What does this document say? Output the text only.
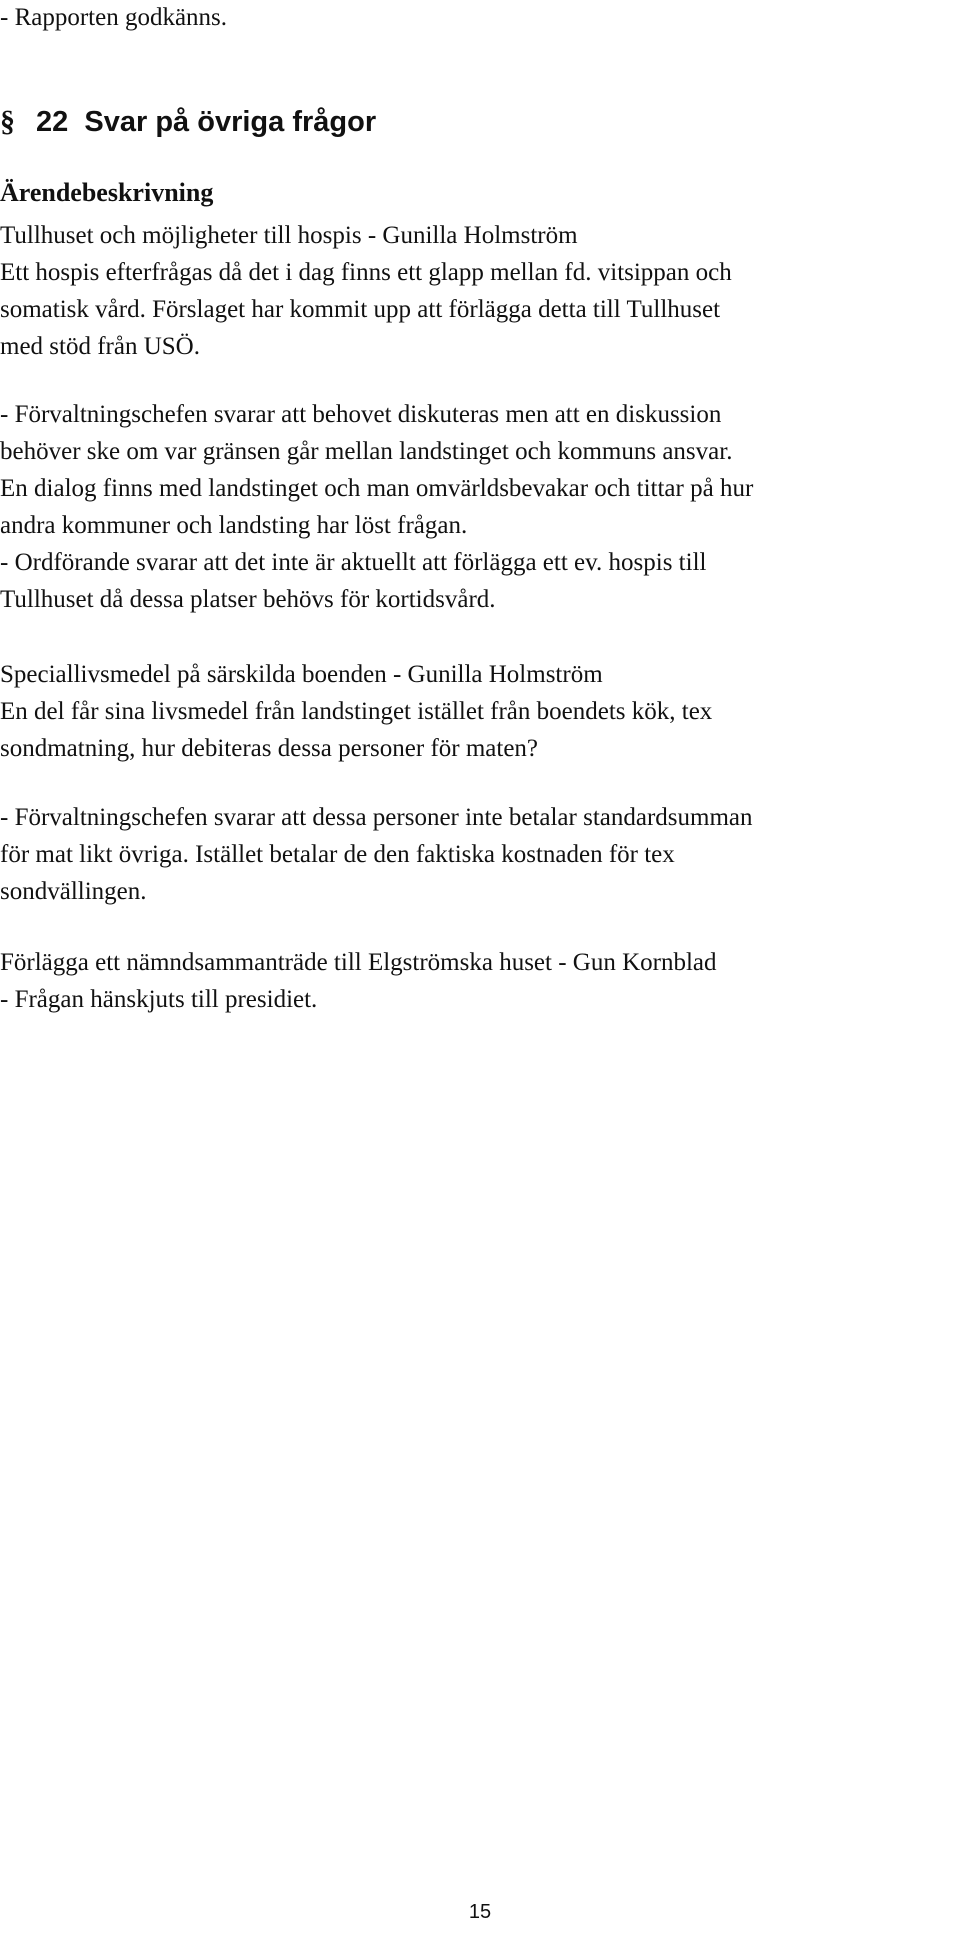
- Rapporten godkänns.
§ 22 Svar på övriga frågor
Ärendebeskrivning
Tullhuset och möjligheter till hospis - Gunilla Holmström
Ett hospis efterfrågas då det i dag finns ett glapp mellan fd. vitsippan och
somatisk vård. Förslaget har kommit upp att förlägga detta till Tullhuset
med stöd från USÖ.
- Förvaltningschefen svarar att behovet diskuteras men att en diskussion
behöver ske om var gränsen går mellan landstinget och kommuns ansvar.
En dialog finns med landstinget och man omvärldsbevakar och tittar på hur
andra kommuner och landsting har löst frågan.
- Ordförande svarar att det inte är aktuellt att förlägga ett ev. hospis till
Tullhuset då dessa platser behövs för kortidsvård.
Speciallivsmedel på särskilda boenden - Gunilla Holmström
En del får sina livsmedel från landstinget istället från boendets kök, tex
sondmatning, hur debiteras dessa personer för maten?
- Förvaltningschefen svarar att dessa personer inte betalar standardsumman
för mat likt övriga. Istället betalar de den faktiska kostnaden för tex
sondvällingen.
Förlägga ett nämndsammanträde till Elgströmska huset - Gun Kornblad
- Frågan hänskjuts till presidiet.
15
